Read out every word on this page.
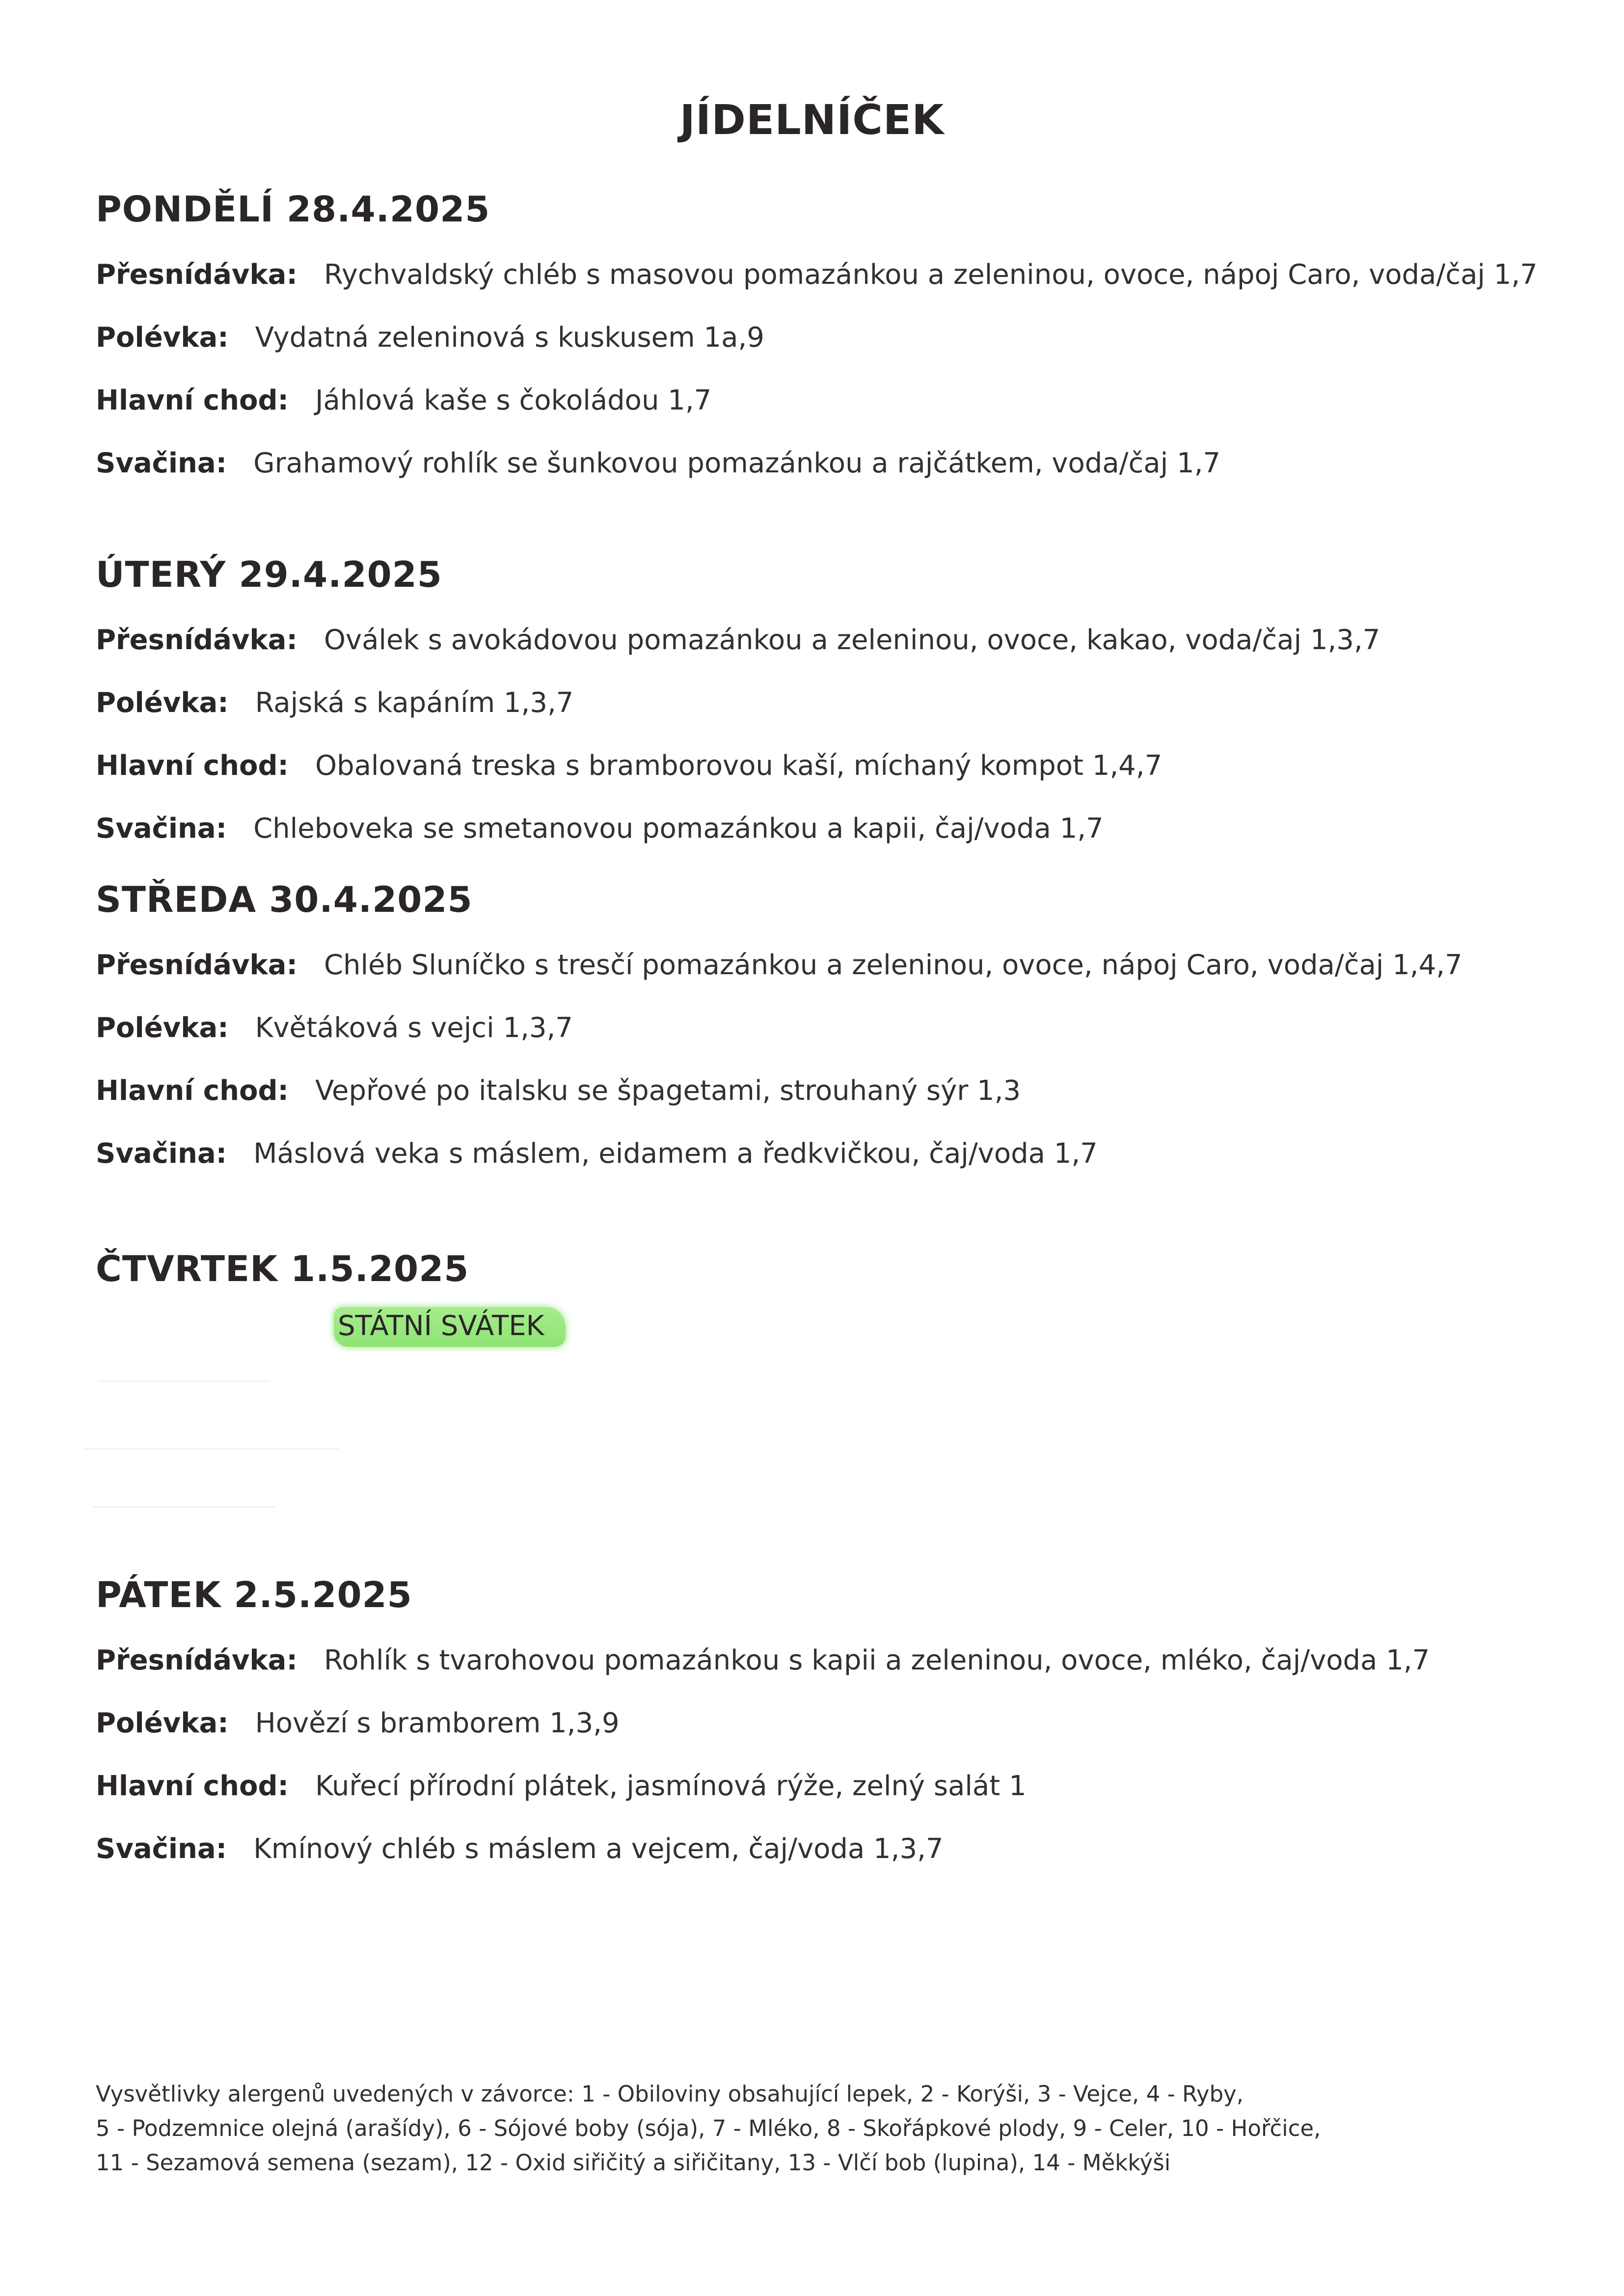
JÍDELNÍČEK
PONDĚLÍ 28.4.2025
Přesnídávka: Rychvaldský chléb s masovou pomazánkou a zeleninou, ovoce, nápoj Caro, voda/čaj 1,7
Polévka: Vydatná zeleninová s kuskusem 1a,9
Hlavní chod: Jáhlová kaše s čokoládou 1,7
Svačina: Grahamový rohlík se šunkovou pomazánkou a rajčátkem, voda/čaj 1,7
ÚTERÝ 29.4.2025
Přesnídávka: Oválek s avokádovou pomazánkou a zeleninou, ovoce, kakao, voda/čaj 1,3,7
Polévka: Rajská s kapáním 1,3,7
Hlavní chod: Obalovaná treska s bramborovou kaší, míchaný kompot 1,4,7
Svačina: Chleboveka se smetanovou pomazánkou a kapii, čaj/voda 1,7
STŘEDA 30.4.2025
Přesnídávka: Chléb Sluníčko s tresčí pomazánkou a zeleninou, ovoce, nápoj Caro, voda/čaj 1,4,7
Polévka: Květáková s vejci 1,3,7
Hlavní chod: Vepřové po italsku se špagetami, strouhaný sýr 1,3
Svačina: Máslová veka s máslem, eidamem a ředkvičkou, čaj/voda 1,7
ČTVRTEK 1.5.2025
STÁTNÍ SVÁTEK
PÁTEK 2.5.2025
Přesnídávka: Rohlík s tvarohovou pomazánkou s kapii a zeleninou, ovoce, mléko, čaj/voda 1,7
Polévka: Hovězí s bramborem 1,3,9
Hlavní chod: Kuřecí přírodní plátek, jasmínová rýže, zelný salát 1
Svačina: Kmínový chléb s máslem a vejcem, čaj/voda 1,3,7
Vysvětlivky alergenů uvedených v závorce: 1 - Obiloviny obsahující lepek, 2 - Korýši, 3 - Vejce, 4 - Ryby,
5 - Podzemnice olejná (arašídy), 6 - Sójové boby (sója), 7 - Mléko, 8 - Skořápkové plody, 9 - Celer, 10 - Hořčice,
11 - Sezamová semena (sezam), 12 - Oxid siřičitý a siřičitany, 13 - Vlčí bob (lupina), 14 - Měkkýši
